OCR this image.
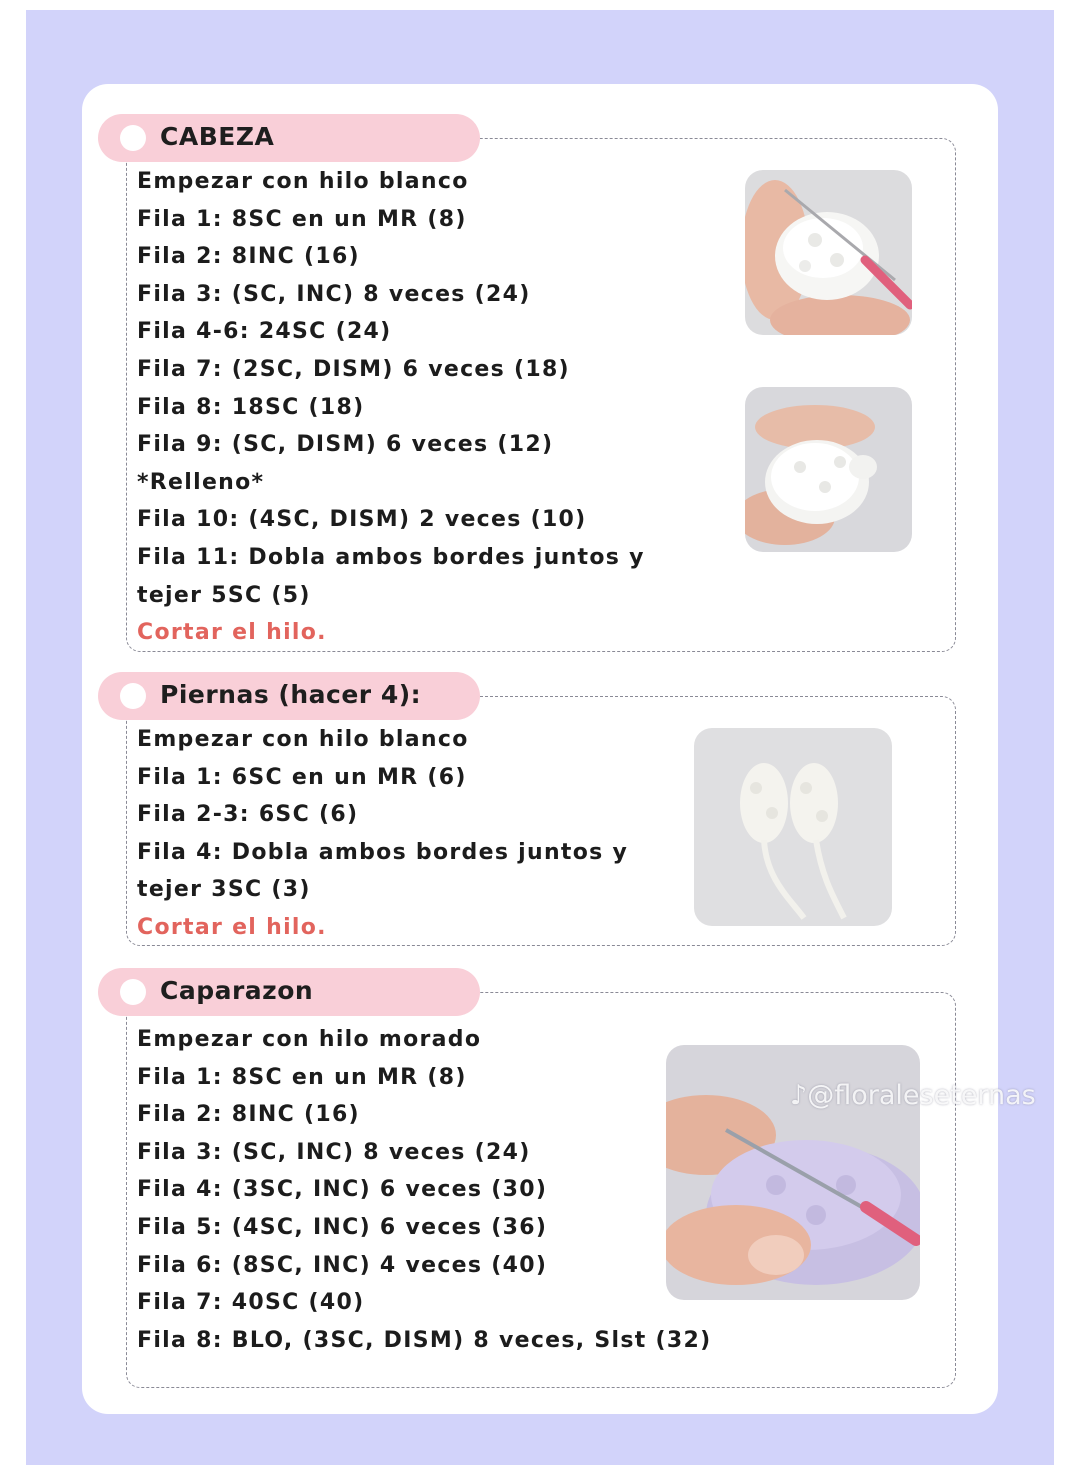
CABEZA
Empezar con hilo blanco
Fila 1: 8SC en un MR (8)
Fila 2: 8INC (16)
Fila 3: (SC, INC) 8 veces (24)
Fila 4-6: 24SC (24)
Fila 7: (2SC, DISM) 6 veces (18)
Fila 8: 18SC (18)
Fila 9: (SC, DISM) 6 veces (12)
*Relleno*
Fila 10: (4SC, DISM) 2 veces (10)
Fila 11: Dobla ambos bordes juntos y
tejer 5SC (5)
Cortar el hilo.
Piernas (hacer 4):
Empezar con hilo blanco
Fila 1: 6SC en un MR (6)
Fila 2-3: 6SC (6)
Fila 4: Dobla ambos bordes juntos y
tejer 3SC (3)
Cortar el hilo.
Caparazon
Empezar con hilo morado
Fila 1: 8SC en un MR (8)
Fila 2: 8INC (16)
Fila 3: (SC, INC) 8 veces (24)
Fila 4: (3SC, INC) 6 veces (30)
Fila 5: (4SC, INC) 6 veces (36)
Fila 6: (8SC, INC) 4 veces (40)
Fila 7: 40SC (40)
Fila 8: BLO, (3SC, DISM) 8 veces, Slst (32)
♪@floraleseternas
